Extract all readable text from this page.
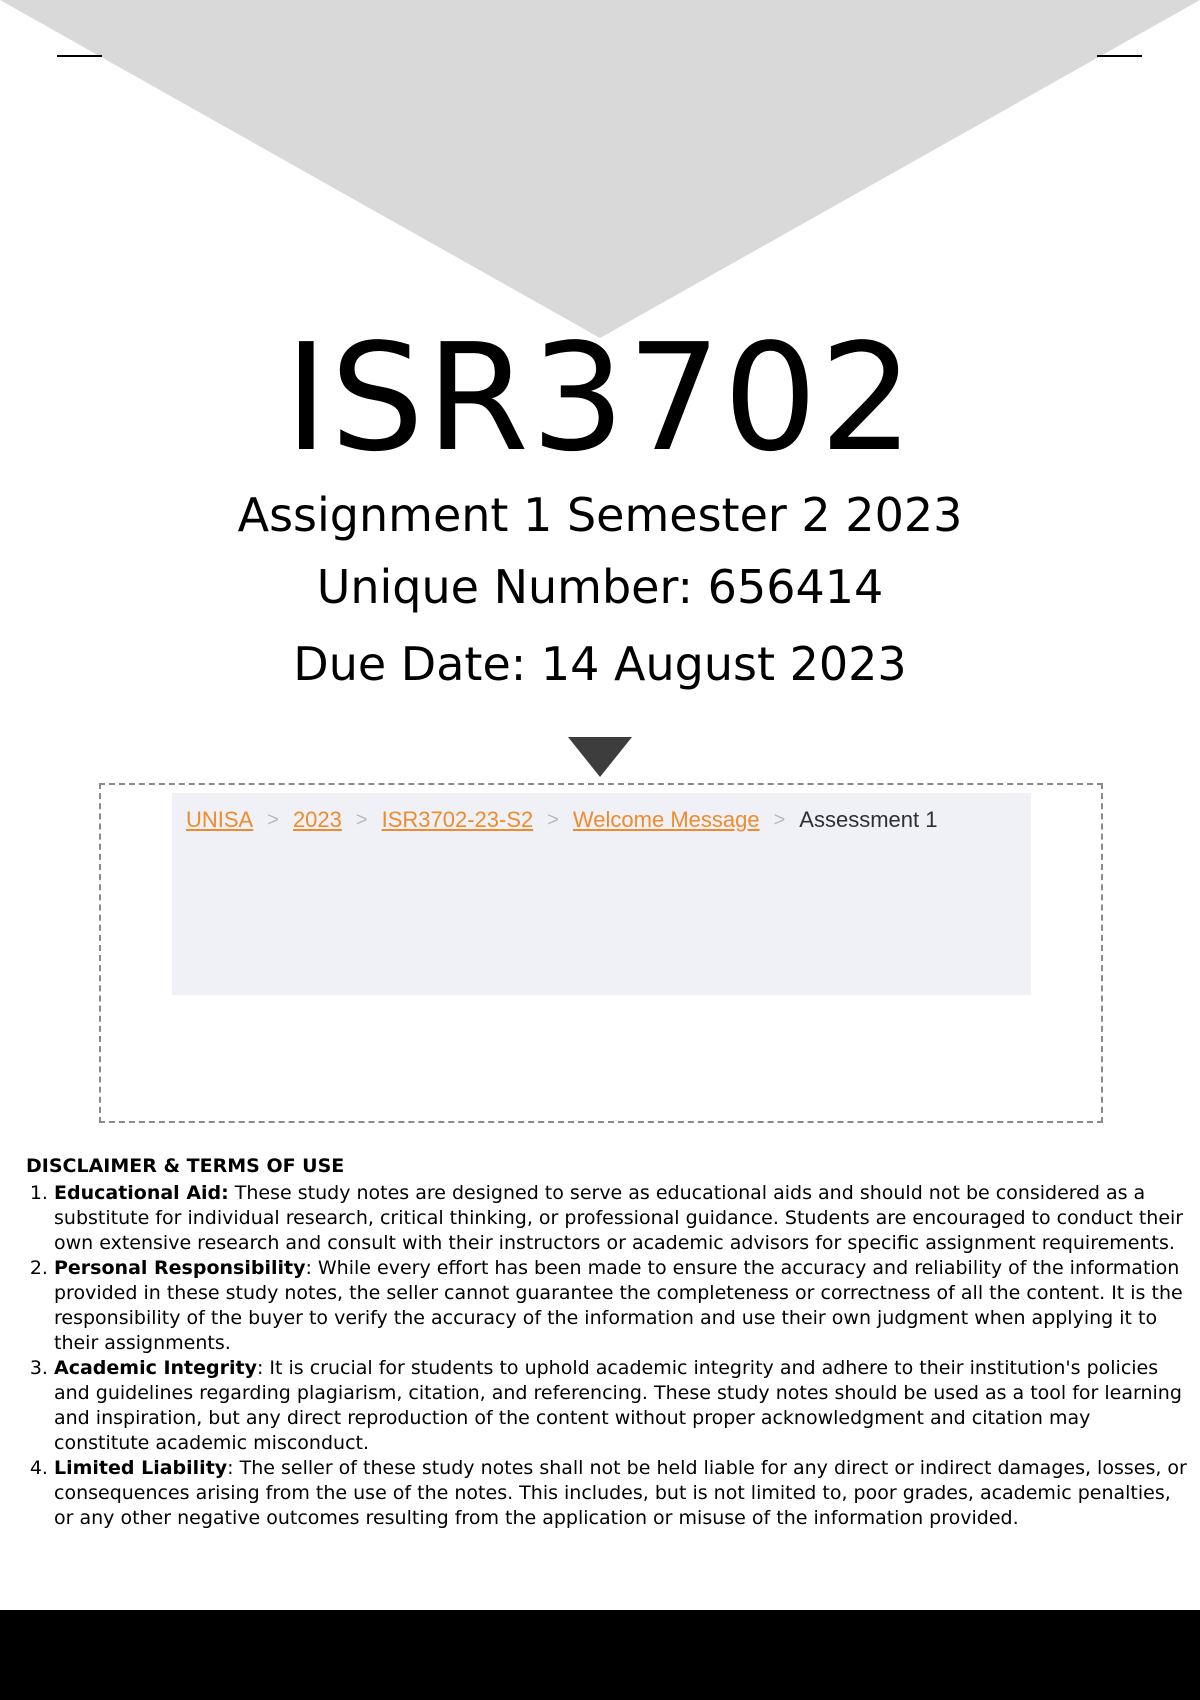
ISR3702
Assignment 1 Semester 2 2023
Unique Number: 656414
Due Date: 14 August 2023
UNISA > 2023 > ISR3702-23-S2 > Welcome Message > Assessment 1
DISCLAIMER & TERMS OF USE
1. Educational Aid: These study notes are designed to serve as educational aids and should not be considered as a substitute for individual research, critical thinking, or professional guidance. Students are encouraged to conduct their own extensive research and consult with their instructors or academic advisors for specific assignment requirements.
2. Personal Responsibility: While every effort has been made to ensure the accuracy and reliability of the information provided in these study notes, the seller cannot guarantee the completeness or correctness of all the content. It is the responsibility of the buyer to verify the accuracy of the information and use their own judgment when applying it to their assignments.
3. Academic Integrity: It is crucial for students to uphold academic integrity and adhere to their institution's policies and guidelines regarding plagiarism, citation, and referencing. These study notes should be used as a tool for learning and inspiration, but any direct reproduction of the content without proper acknowledgment and citation may constitute academic misconduct.
4. Limited Liability: The seller of these study notes shall not be held liable for any direct or indirect damages, losses, or consequences arising from the use of the notes. This includes, but is not limited to, poor grades, academic penalties, or any other negative outcomes resulting from the application or misuse of the information provided.
